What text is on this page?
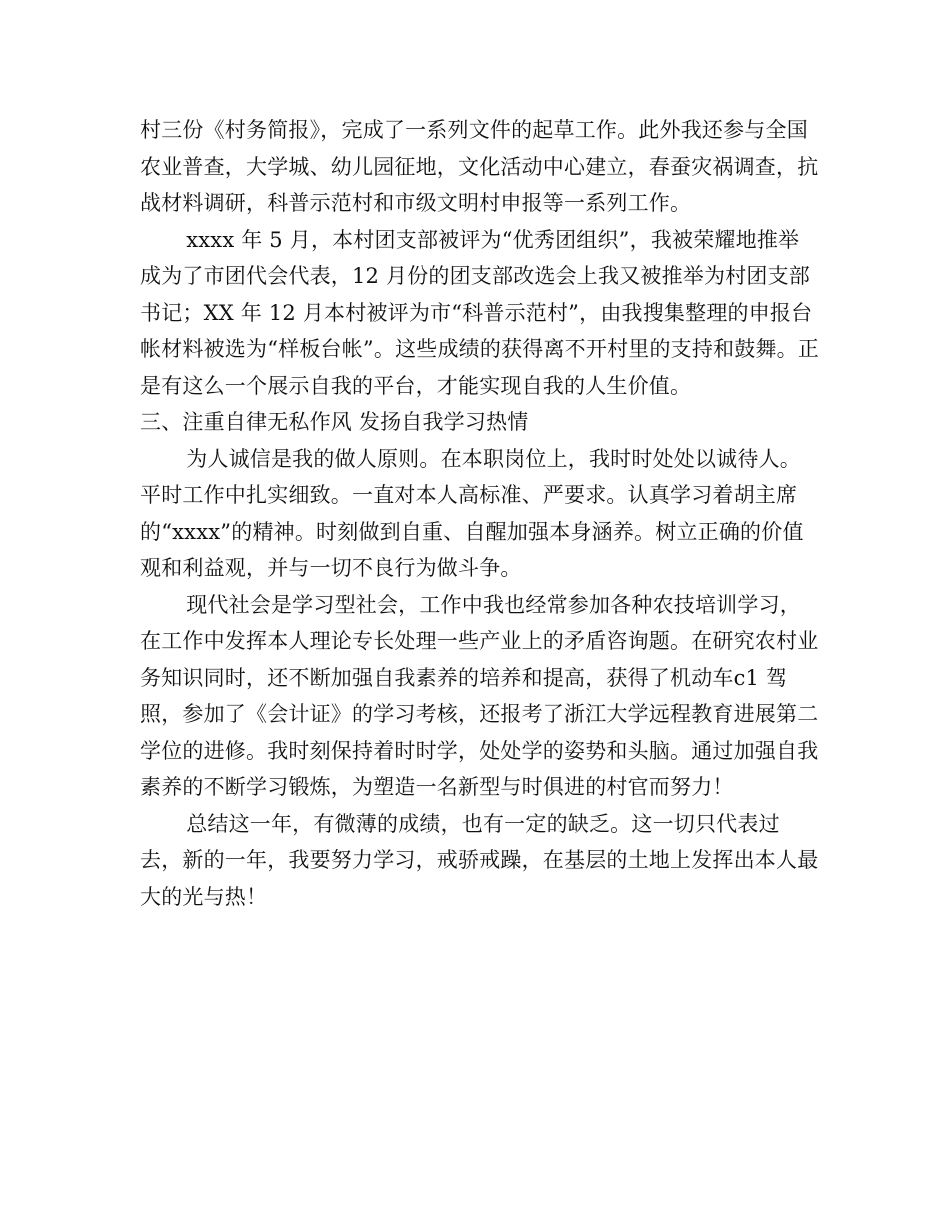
村三份《村务简报》，完成了一系列文件的起草工作。此外我还参与全国农业普查，大学城、幼儿园征地，文化活动中心建立，春蚕灾祸调查，抗战材料调研，科普示范村和市级文明村申报等一系列工作。

xxxx 年 5 月，本村团支部被评为“优秀团组织”，我被荣耀地推举成为了市团代会代表，12 月份的团支部改选会上我又被推举为村团支部书记；XX 年 12 月本村被评为市“科普示范村”，由我搜集整理的申报台帐材料被选为“样板台帐”。这些成绩的获得离不开村里的支持和鼓舞。正是有这么一个展示自我的平台，才能实现自我的人生价值。

三、注重自律无私作风 发扬自我学习热情

为人诚信是我的做人原则。在本职岗位上，我时时处处以诚待人。平时工作中扎实细致。一直对本人高标准、严要求。认真学习着胡主席的“xxxx”的精神。时刻做到自重、自醒加强本身涵养。树立正确的价值观和利益观，并与一切不良行为做斗争。

现代社会是学习型社会，工作中我也经常参加各种农技培训学习，在工作中发挥本人理论专长处理一些产业上的矛盾咨询题。在研究农村业务知识同时，还不断加强自我素养的培养和提高，获得了机动车c1 驾照，参加了《会计证》的学习考核，还报考了浙江大学远程教育进展第二学位的进修。我时刻保持着时时学，处处学的姿势和头脑。通过加强自我素养的不断学习锻炼，为塑造一名新型与时俱进的村官而努力！

总结这一年，有微薄的成绩，也有一定的缺乏。这一切只代表过去，新的一年，我要努力学习，戒骄戒躁，在基层的土地上发挥出本人最大的光与热！
